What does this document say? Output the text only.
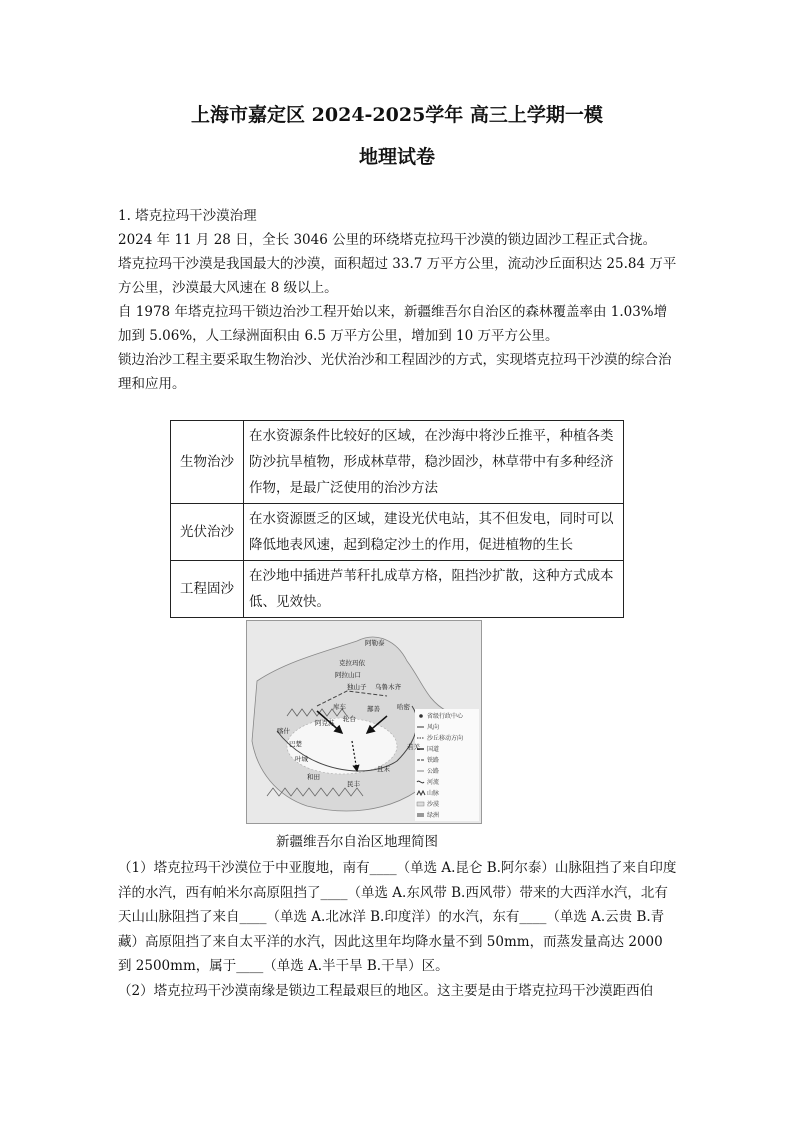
上海市嘉定区 2024-2025学年 高三上学期一模
地理试卷

1. 塔克拉玛干沙漠治理

2024 年 11 月 28 日，全长 3046 公里的环绕塔克拉玛干沙漠的锁边固沙工程正式合拢。

塔克拉玛干沙漠是我国最大的沙漠，面积超过 33.7 万平方公里，流动沙丘面积达 25.84 万平方公里，沙漠最大风速在 8 级以上。

自 1978 年塔克拉玛干锁边治沙工程开始以来，新疆维吾尔自治区的森林覆盖率由 1.03%增加到 5.06%，人工绿洲面积由 6.5 万平方公里，增加到 10 万平方公里。

锁边治沙工程主要采取生物治沙、光伏治沙和工程固沙的方式，实现塔克拉玛干沙漠的综合治理和应用。

生物治沙	在水资源条件比较好的区域，在沙海中将沙丘推平，种植各类防沙抗旱植物，形成林草带，稳沙固沙，林草带中有多种经济作物，是最广泛使用的治沙方法
光伏治沙	在水资源匮乏的区域，建设光伏电站，其不但发电，同时可以降低地表风速，起到稳定沙土的作用，促进植物的生长
工程固沙	在沙地中插进芦苇秆扎成草方格，阻挡沙扩散，这种方式成本低、见效快。
省级行政中心
风向
沙丘移动方向
国道
铁路
公路
河流
山脉
沙漠
绿洲
阿勒泰
克拉玛依
阿拉山口
独山子 乌鲁木齐
库车
轮台
鄯善	哈密
阿克苏
喀什
和田
民丰
且末
若羌
巴楚
叶城
新疆维吾尔自治区地理简图

（1）塔克拉玛干沙漠位于中亚腹地，南有____（单选 A.昆仑 B.阿尔泰）山脉阻挡了来自印度洋的水汽，西有帕米尔高原阻挡了____（单选 A.东风带 B.西风带）带来的大西洋水汽，北有天山山脉阻挡了来自____（单选 A.北冰洋 B.印度洋）的水汽，东有____（单选 A.云贵 B.青藏）高原阻挡了来自太平洋的水汽，因此这里年均降水量不到 50mm，而蒸发量高达 2000 到 2500mm，属于____（单选 A.半干旱 B.干旱）区。

（2）塔克拉玛干沙漠南缘是锁边工程最艰巨的地区。这主要是由于塔克拉玛干沙漠距西伯
